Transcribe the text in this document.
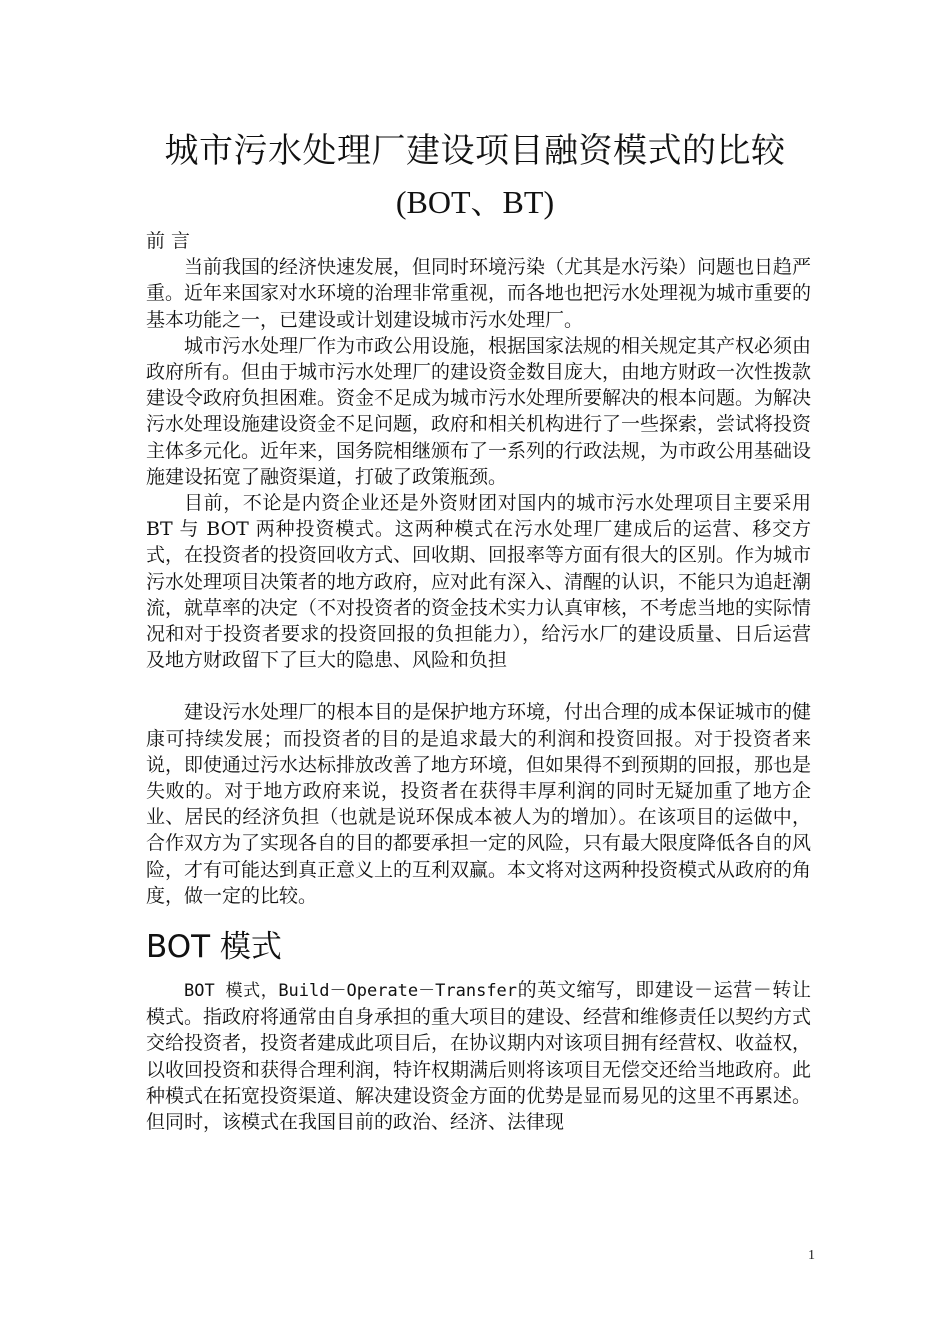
城市污水处理厂建设项目融资模式的比较
(BOT、BT)

前 言

当前我国的经济快速发展，但同时环境污染（尤其是水污染）问题也日趋严重。近年来国家对水环境的治理非常重视，而各地也把污水处理视为城市重要的基本功能之一，已建设或计划建设城市污水处理厂。

城市污水处理厂作为市政公用设施，根据国家法规的相关规定其产权必须由政府所有。但由于城市污水处理厂的建设资金数目庞大，由地方财政一次性拨款建设令政府负担困难。资金不足成为城市污水处理所要解决的根本问题。为解决污水处理设施建设资金不足问题，政府和相关机构进行了一些探索，尝试将投资主体多元化。近年来，国务院相继颁布了一系列的行政法规，为市政公用基础设施建设拓宽了融资渠道，打破了政策瓶颈。

目前，不论是内资企业还是外资财团对国内的城市污水处理项目主要采用 BT 与 BOT 两种投资模式。这两种模式在污水处理厂建成后的运营、移交方式，在投资者的投资回收方式、回收期、回报率等方面有很大的区别。作为城市污水处理项目决策者的地方政府，应对此有深入、清醒的认识，不能只为追赶潮流，就草率的决定（不对投资者的资金技术实力认真审核，不考虑当地的实际情况和对于投资者要求的投资回报的负担能力），给污水厂的建设质量、日后运营及地方财政留下了巨大的隐患、风险和负担

建设污水处理厂的根本目的是保护地方环境，付出合理的成本保证城市的健康可持续发展；而投资者的目的是追求最大的利润和投资回报。对于投资者来说，即使通过污水达标排放改善了地方环境，但如果得不到预期的回报，那也是失败的。对于地方政府来说，投资者在获得丰厚利润的同时无疑加重了地方企业、居民的经济负担（也就是说环保成本被人为的增加）。在该项目的运做中，合作双方为了实现各自的目的都要承担一定的风险，只有最大限度降低各自的风险，才有可能达到真正意义上的互利双赢。本文将对这两种投资模式从政府的角度，做一定的比较。

BOT 模式

BOT 模式，Build－Operate－Transfer的英文缩写，即建设－运营－转让模式。指政府将通常由自身承担的重大项目的建设、经营和维修责任以契约方式交给投资者，投资者建成此项目后，在协议期内对该项目拥有经营权、收益权，以收回投资和获得合理利润，特许权期满后则将该项目无偿交还给当地政府。此种模式在拓宽投资渠道、解决建设资金方面的优势是显而易见的这里不再累述。但同时，该模式在我国目前的政治、经济、法律现

1
